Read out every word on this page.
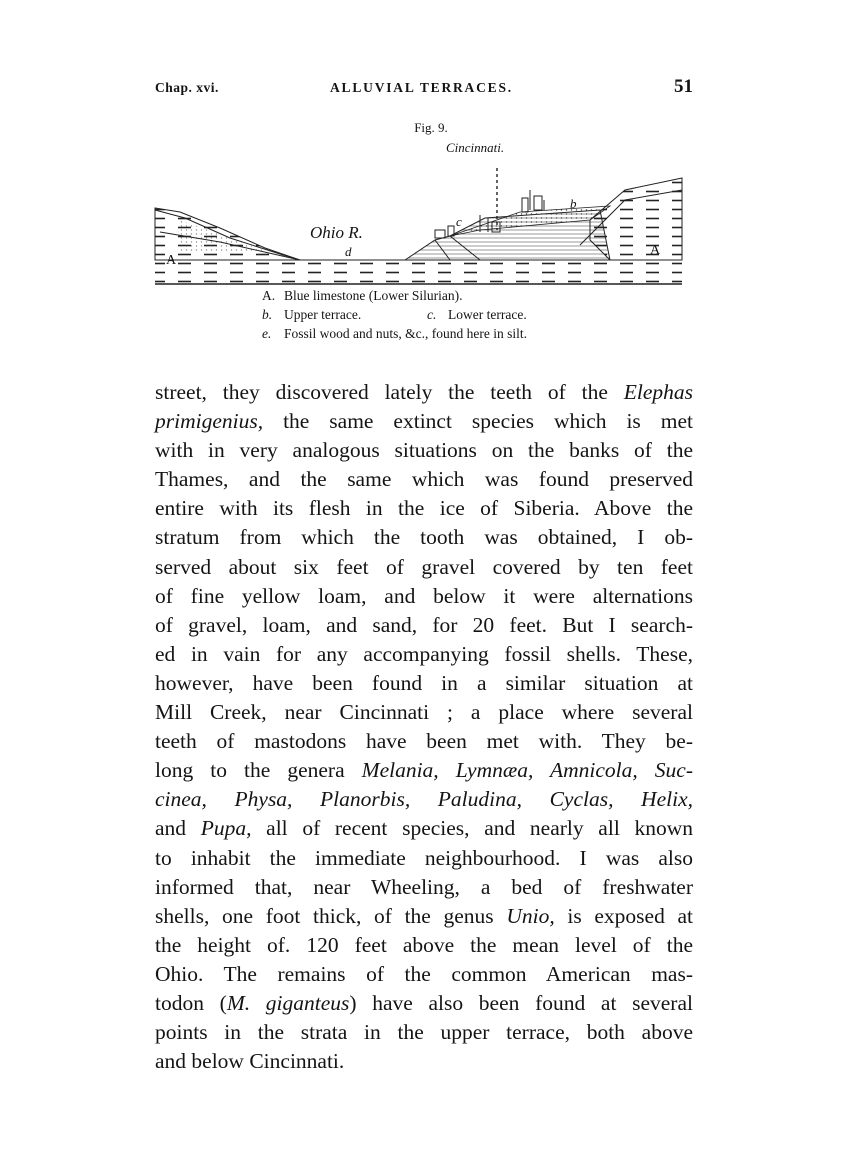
Chap. xvi.	ALLUVIAL TERRACES.	51
Fig. 9.
Cincinnati.
Ohio R.
d
A
A
b
c
A. Blue limestone (Lower Silurian).
b. Upper terrace.	c. Lower terrace.
e. Fossil wood and nuts, &c., found here in silt.
street, they discovered lately the teeth of the Elephas
primigenius, the same extinct species which is met
with in very analogous situations on the banks of the
Thames, and the same which was found preserved
entire with its flesh in the ice of Siberia. Above the
stratum from which the tooth was obtained, I ob-
served about six feet of gravel covered by ten feet
of fine yellow loam, and below it were alternations
of gravel, loam, and sand, for 20 feet. But I search-
ed in vain for any accompanying fossil shells. These,
however, have been found in a similar situation at
Mill Creek, near Cincinnati ; a place where several
teeth of mastodons have been met with. They be-
long to the genera Melania, Lymnæa, Amnicola, Suc-
cinea, Physa, Planorbis, Paludina, Cyclas, Helix,
and Pupa, all of recent species, and nearly all known
to inhabit the immediate neighbourhood. I was also
informed that, near Wheeling, a bed of freshwater
shells, one foot thick, of the genus Unio, is exposed at
the height of. 120 feet above the mean level of the
Ohio. The remains of the common American mas-
todon (M. giganteus) have also been found at several
points in the strata in the upper terrace, both above
and below Cincinnati.
